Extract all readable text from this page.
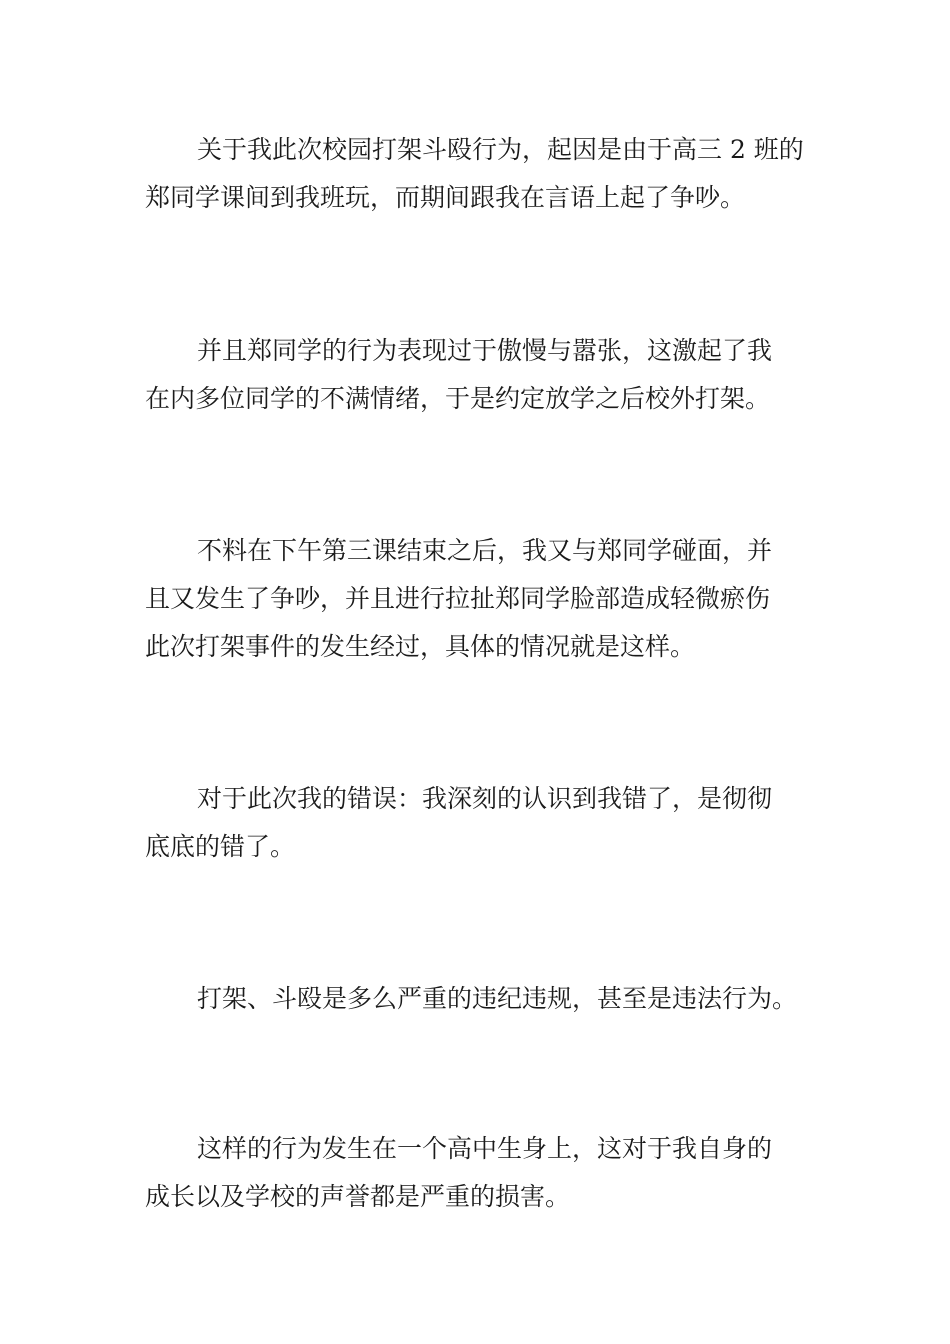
关于我此次校园打架斗殴行为，起因是由于高三 2 班的
郑同学课间到我班玩，而期间跟我在言语上起了争吵。

并且郑同学的行为表现过于傲慢与嚣张，这激起了我
在内多位同学的不满情绪，于是约定放学之后校外打架。

不料在下午第三课结束之后，我又与郑同学碰面，并
且又发生了争吵，并且进行拉扯郑同学脸部造成轻微瘀伤
此次打架事件的发生经过，具体的情况就是这样。

对于此次我的错误：我深刻的认识到我错了，是彻彻
底底的错了。

打架、斗殴是多么严重的违纪违规，甚至是违法行为。

这样的行为发生在一个高中生身上，这对于我自身的
成长以及学校的声誉都是严重的损害。
